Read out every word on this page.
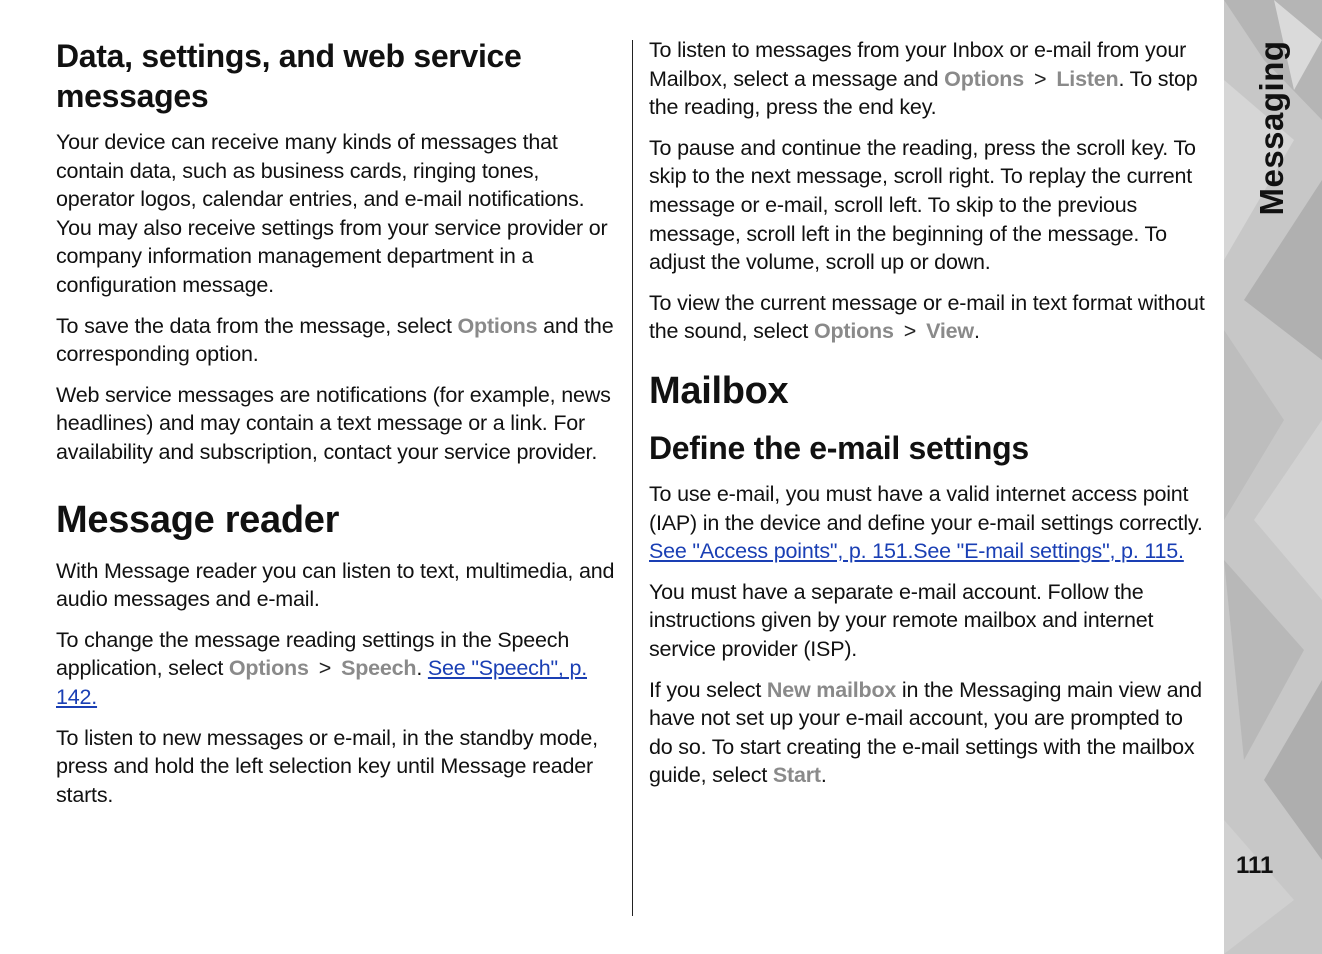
Data, settings, and web service messages

Your device can receive many kinds of messages that contain data, such as business cards, ringing tones, operator logos, calendar entries, and e-mail notifications. You may also receive settings from your service provider or company information management department in a configuration message.

To save the data from the message, select Options and the corresponding option.

Web service messages are notifications (for example, news headlines) and may contain a text message or a link. For availability and subscription, contact your service provider.

Message reader

With Message reader you can listen to text, multimedia, and audio messages and e-mail.

To change the message reading settings in the Speech application, select Options > Speech. See "Speech", p. 142.

To listen to new messages or e-mail, in the standby mode, press and hold the left selection key until Message reader starts.

To listen to messages from your Inbox or e-mail from your Mailbox, select a message and Options > Listen. To stop the reading, press the end key.

To pause and continue the reading, press the scroll key. To skip to the next message, scroll right. To replay the current message or e-mail, scroll left. To skip to the previous message, scroll left in the beginning of the message. To adjust the volume, scroll up or down.

To view the current message or e-mail in text format without the sound, select Options > View.

Mailbox
Define the e-mail settings

To use e-mail, you must have a valid internet access point (IAP) in the device and define your e-mail settings correctly. See "Access points", p. 151.See "E-mail settings", p. 115.

You must have a separate e-mail account. Follow the instructions given by your remote mailbox and internet service provider (ISP).

If you select New mailbox in the Messaging main view and have not set up your e-mail account, you are prompted to do so. To start creating the e-mail settings with the mailbox guide, select Start.

Messaging
111
